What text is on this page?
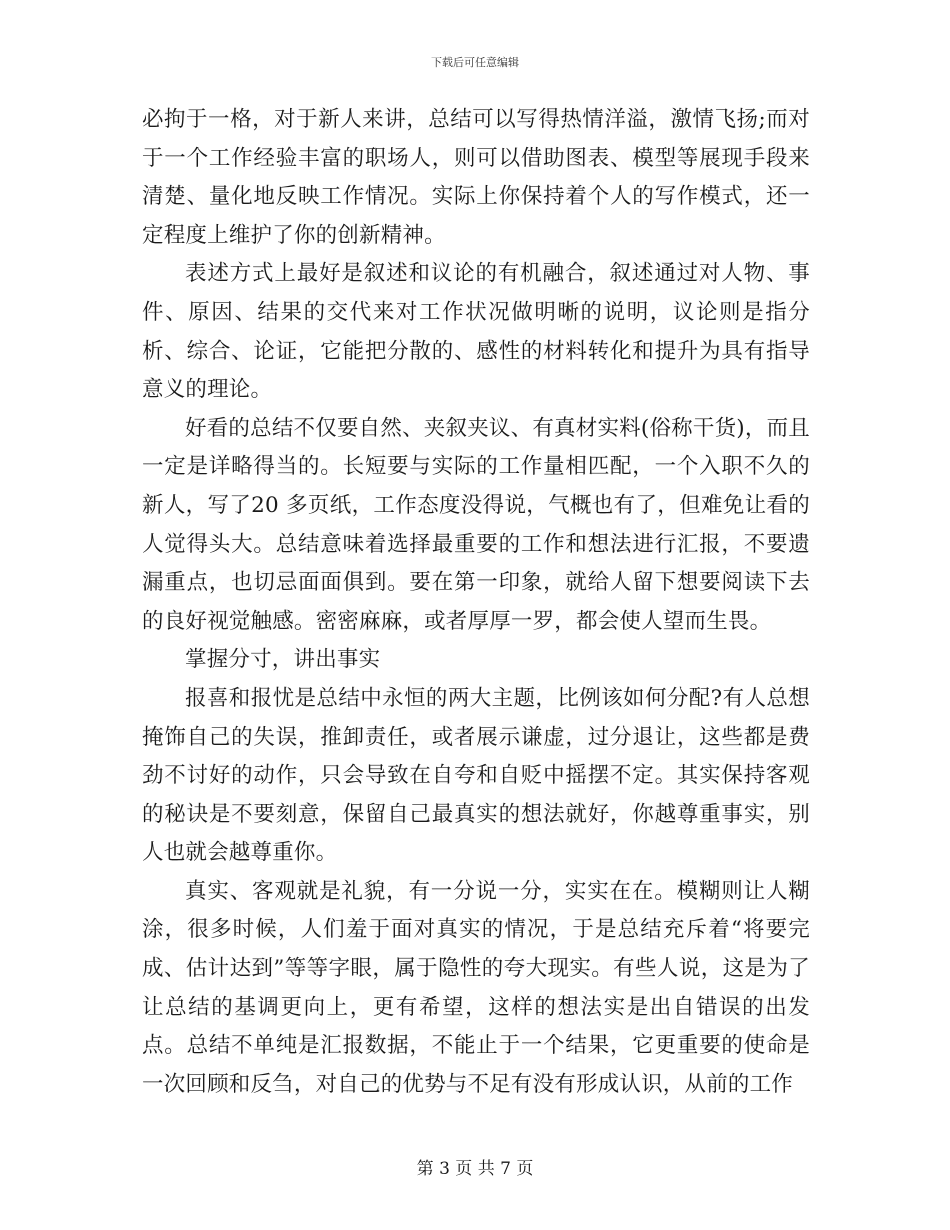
下载后可任意编辑

必拘于一格，对于新人来讲，总结可以写得热情洋溢，激情飞扬;而对于一个工作经验丰富的职场人，则可以借助图表、模型等展现手段来清楚、量化地反映工作情况。实际上你保持着个人的写作模式，还一定程度上维护了你的创新精神。

表述方式上最好是叙述和议论的有机融合，叙述通过对人物、事件、原因、结果的交代来对工作状况做明晰的说明，议论则是指分析、综合、论证，它能把分散的、感性的材料转化和提升为具有指导意义的理论。

好看的总结不仅要自然、夹叙夹议、有真材实料(俗称干货)，而且一定是详略得当的。长短要与实际的工作量相匹配，一个入职不久的新人，写了20 多页纸，工作态度没得说，气概也有了，但难免让看的人觉得头大。总结意味着选择最重要的工作和想法进行汇报，不要遗漏重点，也切忌面面俱到。要在第一印象，就给人留下想要阅读下去的良好视觉触感。密密麻麻，或者厚厚一罗，都会使人望而生畏。

掌握分寸，讲出事实

报喜和报忧是总结中永恒的两大主题，比例该如何分配?有人总想掩饰自己的失误，推卸责任，或者展示谦虚，过分退让，这些都是费劲不讨好的动作，只会导致在自夸和自贬中摇摆不定。其实保持客观的秘诀是不要刻意，保留自己最真实的想法就好，你越尊重事实，别人也就会越尊重你。

真实、客观就是礼貌，有一分说一分，实实在在。模糊则让人糊涂，很多时候，人们羞于面对真实的情况，于是总结充斥着“将要完成、估计达到”等等字眼，属于隐性的夸大现实。有些人说，这是为了让总结的基调更向上，更有希望，这样的想法实是出自错误的出发点。总结不单纯是汇报数据，不能止于一个结果，它更重要的使命是一次回顾和反刍，对自己的优势与不足有没有形成认识，从前的工作

第 3 页 共 7 页
